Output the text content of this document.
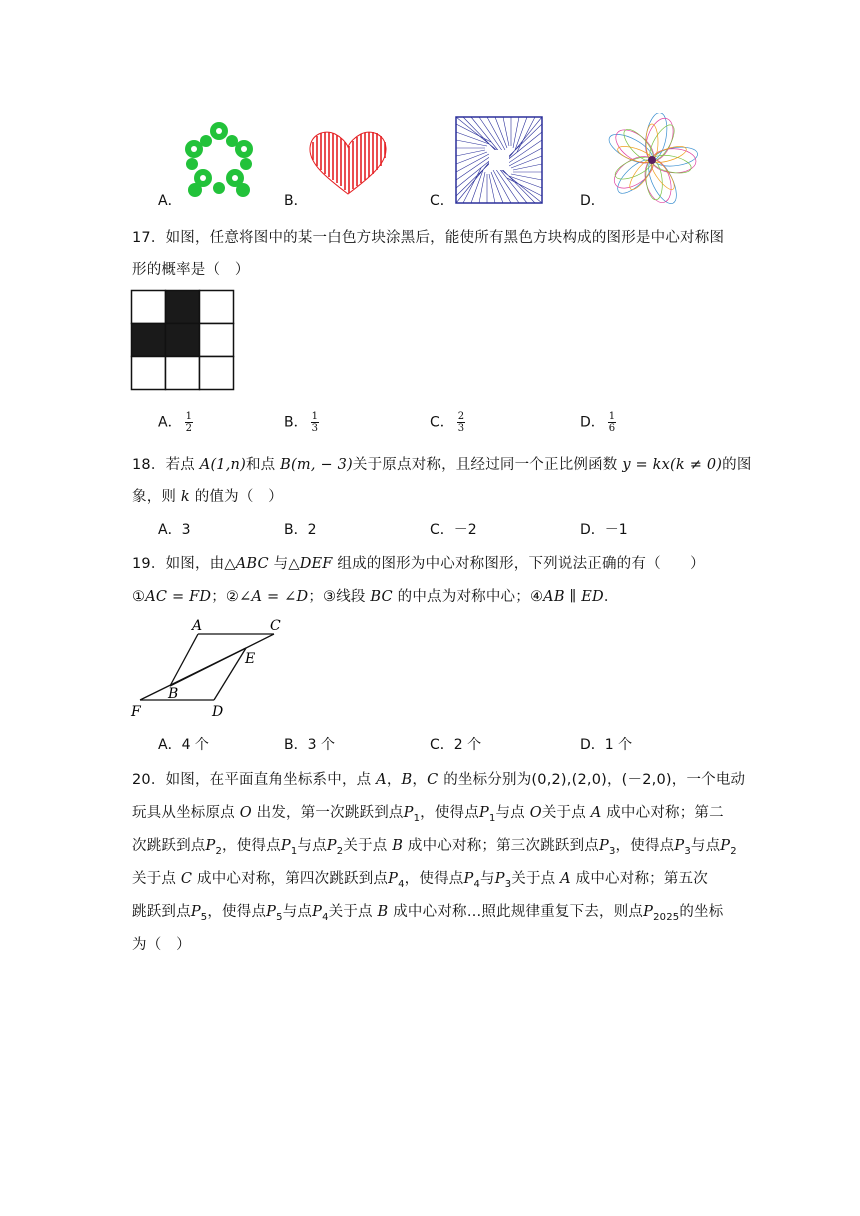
A．	B．	C．	D．
17．如图，任意将图中的某一白色方块涂黑后，能使所有黑色方块构成的图形是中心对称图
形的概率是（　）
A． $\frac{1}{2}$	B． $\frac{1}{3}$	C． $\frac{2}{3}$	D． $\frac{1}{6}$
18．若点 A(1,n)和点 B(m, − 3)关于原点对称，且经过同一个正比例函数 y = kx(k ≠ 0)的图
象，则 k 的值为（　）
A．3	B．2	C．－2	D．－1
19．如图，由△ABC 与△DEF 组成的图形为中心对称图形，下列说法正确的有（　　）
①AC = FD；②∠A = ∠D；③线段 BC 的中点为对称中心；④AB ∥ ED．
A	C
E
B
F	D
A．4 个	B．3 个	C．2 个	D．1 个
20．如图，在平面直角坐标系中，点 A，B，C 的坐标分别为(0,2),(2,0)，(－2,0)，一个电动
玩具从坐标原点 O 出发，第一次跳跃到点$P_1$，使得点$P_1$与点 O关于点 A 成中心对称；第二
次跳跃到点$P_2$，使得点$P_1$与点$P_2$关于点 B 成中心对称；第三次跳跃到点$P_3$，使得点$P_3$与点$P_2$
关于点 C 成中心对称，第四次跳跃到点$P_4$，使得点$P_4$与$P_3$关于点 A 成中心对称；第五次
跳跃到点$P_5$，使得点$P_5$与点$P_4$关于点 B 成中心对称…照此规律重复下去，则点$P_{2025}$的坐标
为（　）
